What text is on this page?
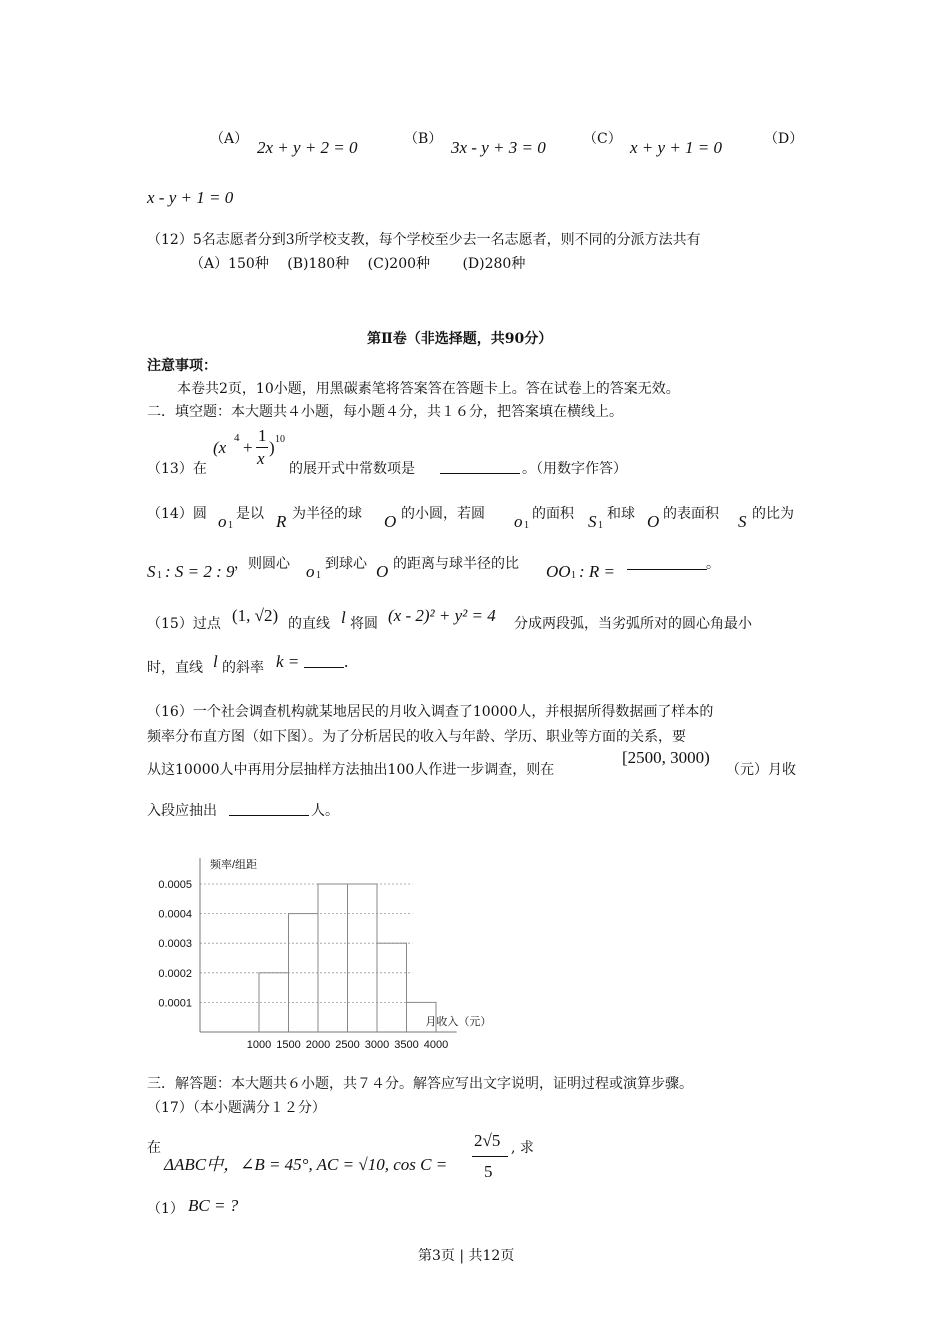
（A） 2x + y + 2 = 0	（B） 3x - y + 3 = 0	（C） x + y + 1 = 0	（D）
x - y + 1 = 0
（12）5名志愿者分到3所学校支教，每个学校至少去一名志愿者，则不同的分派方法共有
（A）150种　 (B)180种　 (C)200种　　 (D)280种
第Ⅱ卷（非选择题，共90分）
注意事项：
本卷共2页，10小题，用黑碳素笔将答案答在答题卡上。答在试卷上的答案无效。
二．填空题：本大题共４小题，每小题４分，共１６分，把答案填在横线上。
（13）在
(x 4 +
1
x
) 10
的展开式中常数项是	。（用数字作答）
（14）圆 o 1
是以 R 为半径的球 O 的小圆，若圆 o 1
的面积 S 1
和球 O 的表面积 S 的比为
S 1 : S = 2 : 9 ，则圆心 o 1
到球心 O 的距离与球半径的比 OO 1 : R =	。
（15）过点 (1, √2) 的直线 l 将圆 (x - 2)² + y² = 4 分成两段弧，当劣弧所对的圆心角最小
时，直线 l 的斜率 k =	.
（16）一个社会调查机构就某地居民的月收入调查了10000人，并根据所得数据画了样本的
频率分布直方图（如下图）。为了分析居民的收入与年龄、学历、职业等方面的关系，要
从这10000人中再用分层抽样方法抽出100人作进一步调查，则在
[2500, 3000)
（元）月收
入段应抽出	人。
0.0005
0.0004
0.0003
0.0002
0.0001
1000 1500 2000 2500 3000 3500 4000
频率/组距
月收入（元）
三．解答题：本大题共６小题，共７４分。解答应写出文字说明，证明过程或演算步骤。
（17）（本小题满分１２分）
在
ΔABC中，∠B = 45°, AC = √10, cos C =
2√5
5
, 求
（1） BC = ?
第3页 | 共12页
